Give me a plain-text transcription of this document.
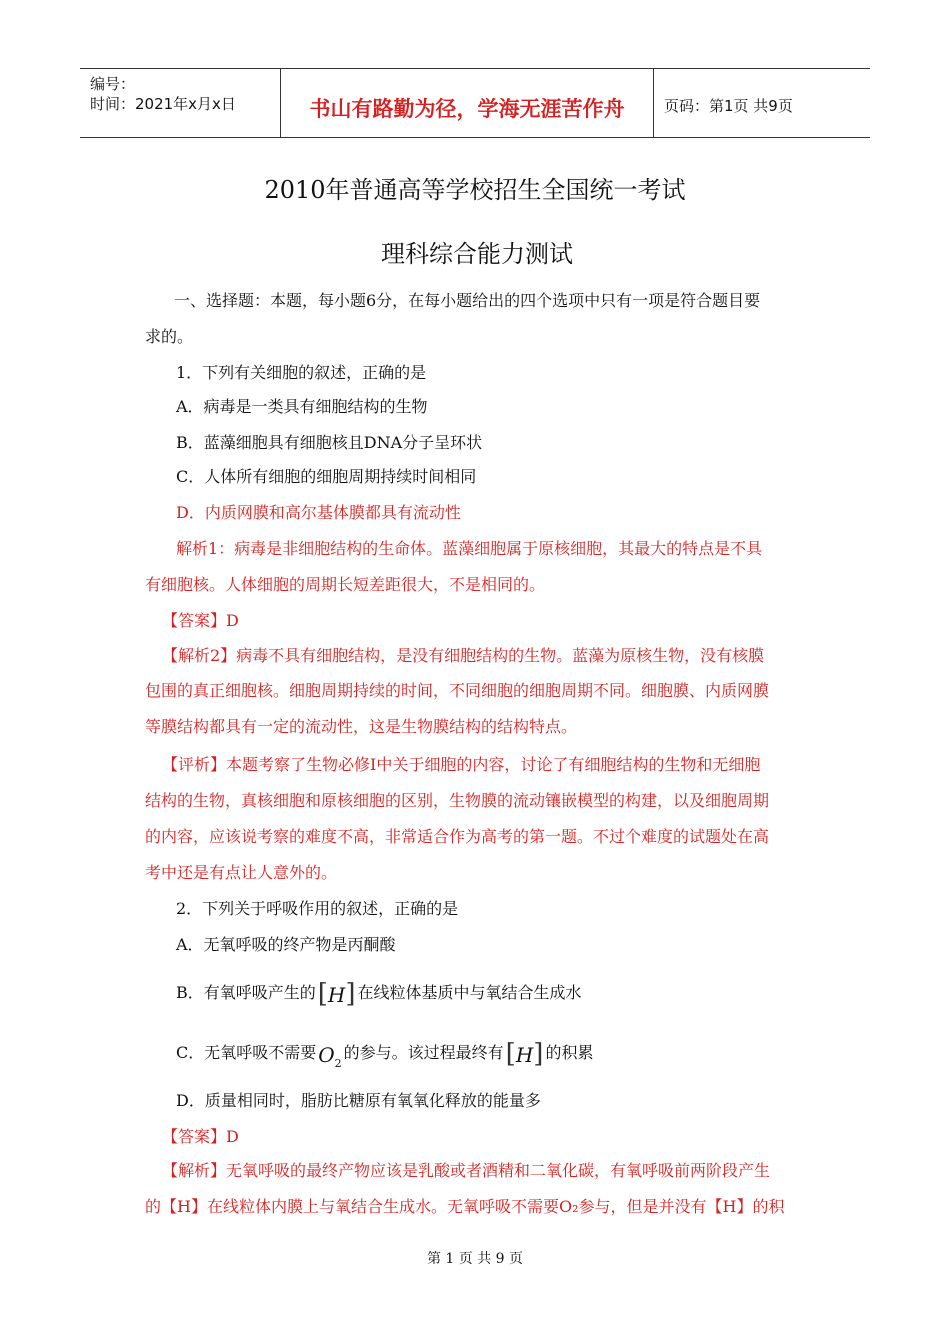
编号：
时间：2021年x月x日	书山有路勤为径，学海无涯苦作舟	页码：第1页 共9页
2010年普通高等学校招生全国统一考试
理科综合能力测试
一、选择题：本题，每小题6分，在每小题给出的四个选项中只有一项是符合题目要
求的。
1．下列有关细胞的叙述，正确的是
A．病毒是一类具有细胞结构的生物
B．蓝藻细胞具有细胞核且DNA分子呈环状
C．人体所有细胞的细胞周期持续时间相同
D．内质网膜和高尔基体膜都具有流动性
解析1：病毒是非细胞结构的生命体。蓝藻细胞属于原核细胞，其最大的特点是不具
有细胞核。人体细胞的周期长短差距很大，不是相同的。
【答案】D
【解析2】病毒不具有细胞结构，是没有细胞结构的生物。蓝藻为原核生物，没有核膜
包围的真正细胞核。细胞周期持续的时间，不同细胞的细胞周期不同。细胞膜、内质网膜
等膜结构都具有一定的流动性，这是生物膜结构的结构特点。
【评析】本题考察了生物必修Ⅰ中关于细胞的内容，讨论了有细胞结构的生物和无细胞
结构的生物，真核细胞和原核细胞的区别，生物膜的流动镶嵌模型的构建，以及细胞周期
的内容，应该说考察的难度不高，非常适合作为高考的第一题。不过个难度的试题处在高
考中还是有点让人意外的。
2．下列关于呼吸作用的叙述，正确的是
A．无氧呼吸的终产物是丙酮酸
B．有氧呼吸产生的[H] 在线粒体基质中与氧结合生成水
C．无氧呼吸不需要 $O_2$的参与。该过程最终有[H] 的积累
D．质量相同时，脂肪比糖原有氧氧化释放的能量多
【答案】D
【解析】无氧呼吸的最终产物应该是乳酸或者酒精和二氧化碳，有氧呼吸前两阶段产生
的【H】在线粒体内膜上与氧结合生成水。无氧呼吸不需要O₂参与，但是并没有【H】的积
第 1 页 共 9 页
